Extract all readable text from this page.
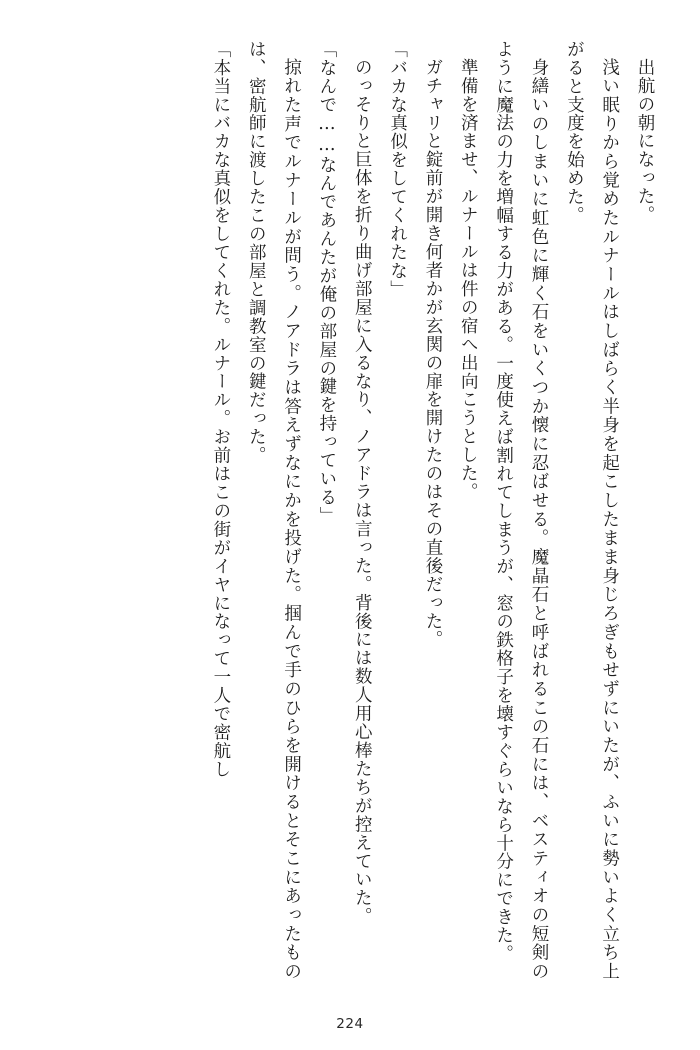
出航の朝になった。

浅い眠りから覚めたルナールはしばらく半身を起こしたまま身じろぎもせずにいたが、ふいに勢いよく立ち上がると支度を始めた。

身繕いのしまいに虹色に輝く石をいくつか懐に忍ばせる。魔晶石と呼ばれるこの石には、ベスティオの短剣のように魔法の力を増幅する力がある。一度使えば割れてしまうが、窓の鉄格子を壊すぐらいなら十分にできた。

準備を済ませ、ルナールは件の宿へ出向こうとした。

ガチャリと錠前が開き何者かが玄関の扉を開けたのはその直後だった。

「バカな真似をしてくれたな」

のっそりと巨体を折り曲げ部屋に入るなり、ノアドラは言った。背後には数人用心棒たちが控えていた。

「なんで……なんであんたが俺の部屋の鍵を持っている」

掠れた声でルナールが問う。ノアドラは答えずなにかを投げた。掴んで手のひらを開けるとそこにあったものは、密航師に渡したこの部屋と調教室の鍵だった。

「本当にバカな真似をしてくれた。ルナール。お前はこの街がイヤになって一人で密航し

224
